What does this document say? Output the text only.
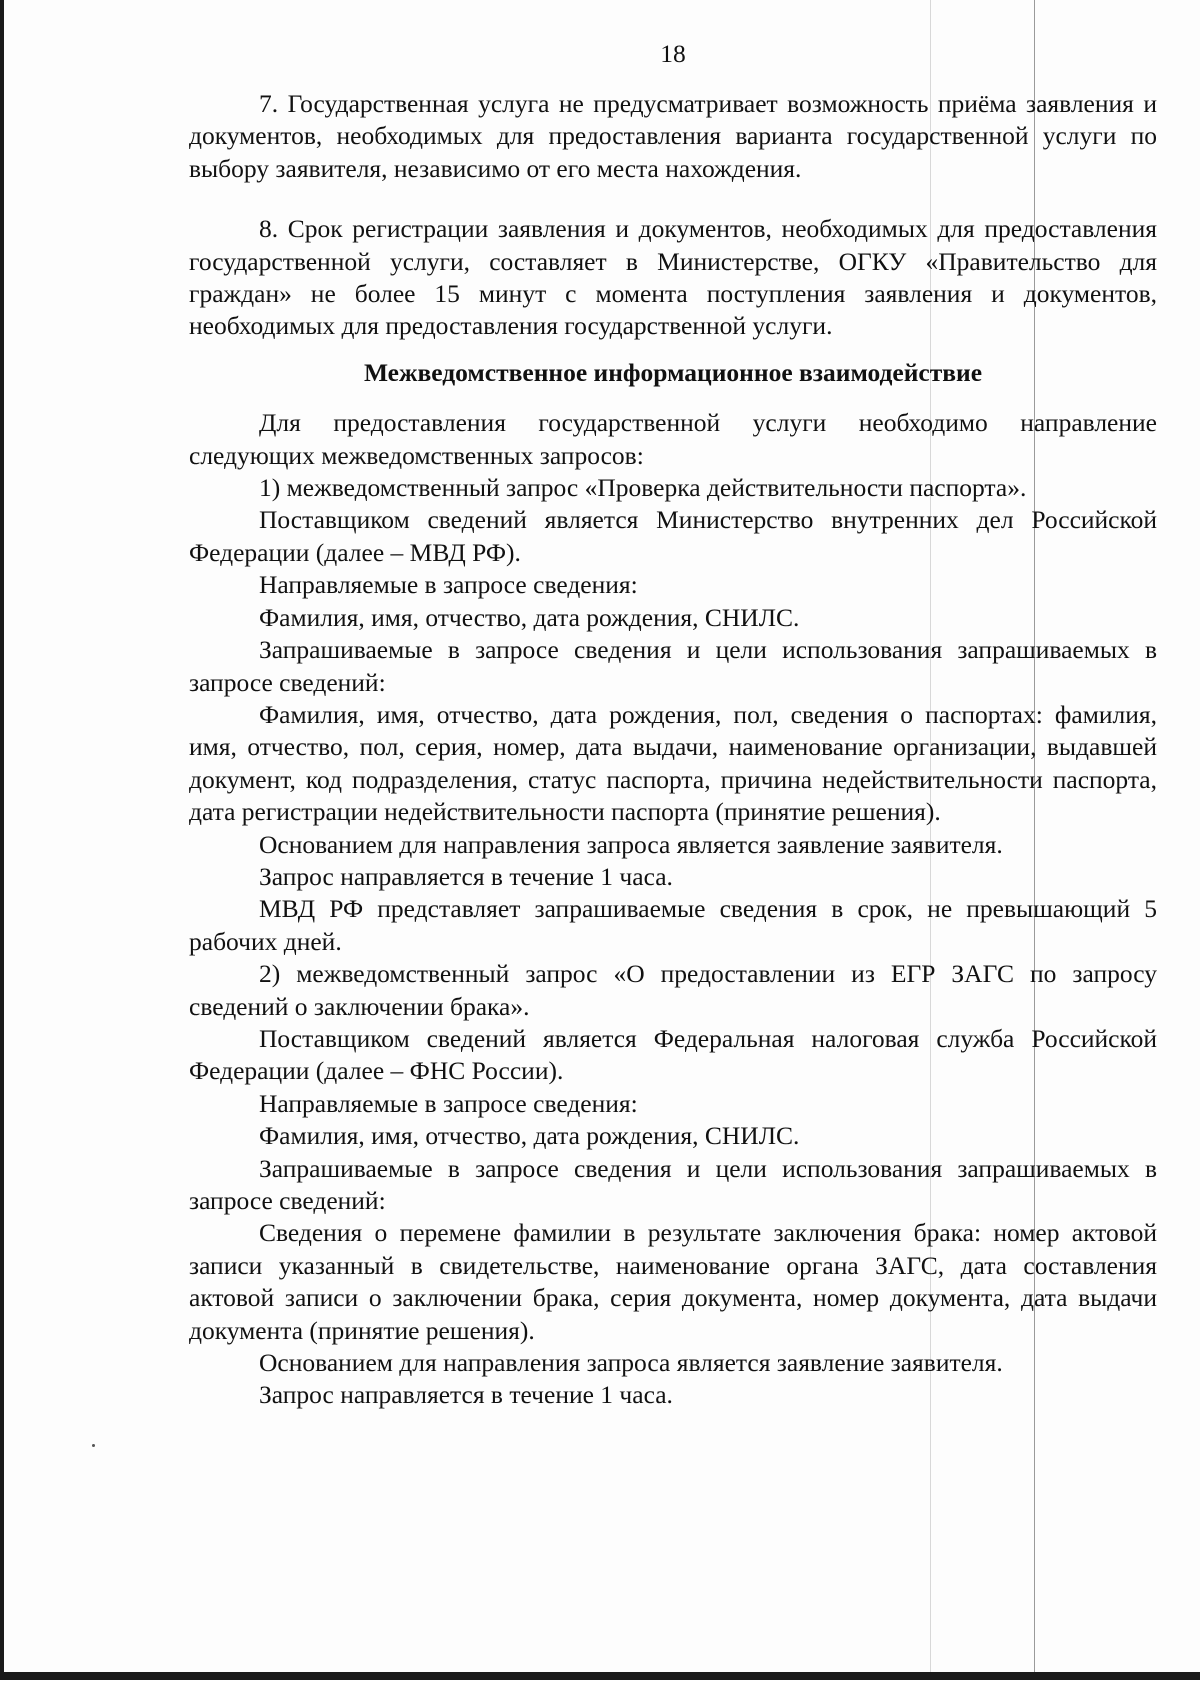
18

7. Государственная услуга не предусматривает возможность приёма заявления и документов, необходимых для предоставления варианта государственной услуги по выбору заявителя, независимо от его места нахождения.

8. Срок регистрации заявления и документов, необходимых для предоставления государственной услуги, составляет в Министерстве, ОГКУ «Правительство для граждан» не более 15 минут с момента поступления заявления и документов, необходимых для предоставления государственной услуги.

Межведомственное информационное взаимодействие

Для предоставления государственной услуги необходимо направление следующих межведомственных запросов:

1) межведомственный запрос «Проверка действительности паспорта».

Поставщиком сведений является Министерство внутренних дел Российской Федерации (далее – МВД РФ).

Направляемые в запросе сведения:

Фамилия, имя, отчество, дата рождения, СНИЛС.

Запрашиваемые в запросе сведения и цели использования запрашиваемых в запросе сведений:

Фамилия, имя, отчество, дата рождения, пол, сведения о паспортах: фамилия, имя, отчество, пол, серия, номер, дата выдачи, наименование организации, выдавшей документ, код подразделения, статус паспорта, причина недействительности паспорта, дата регистрации недействительности паспорта (принятие решения).

Основанием для направления запроса является заявление заявителя.

Запрос направляется в течение 1 часа.

МВД РФ представляет запрашиваемые сведения в срок, не превышающий 5 рабочих дней.

2) межведомственный запрос «О предоставлении из ЕГР ЗАГС по запросу сведений о заключении брака».

Поставщиком сведений является Федеральная налоговая служба Российской Федерации (далее – ФНС России).

Направляемые в запросе сведения:

Фамилия, имя, отчество, дата рождения, СНИЛС.

Запрашиваемые в запросе сведения и цели использования запрашиваемых в запросе сведений:

Сведения о перемене фамилии в результате заключения брака: номер актовой записи указанный в свидетельстве, наименование органа ЗАГС, дата составления актовой записи о заключении брака, серия документа, номер документа, дата выдачи документа (принятие решения).

Основанием для направления запроса является заявление заявителя.

Запрос направляется в течение 1 часа.
